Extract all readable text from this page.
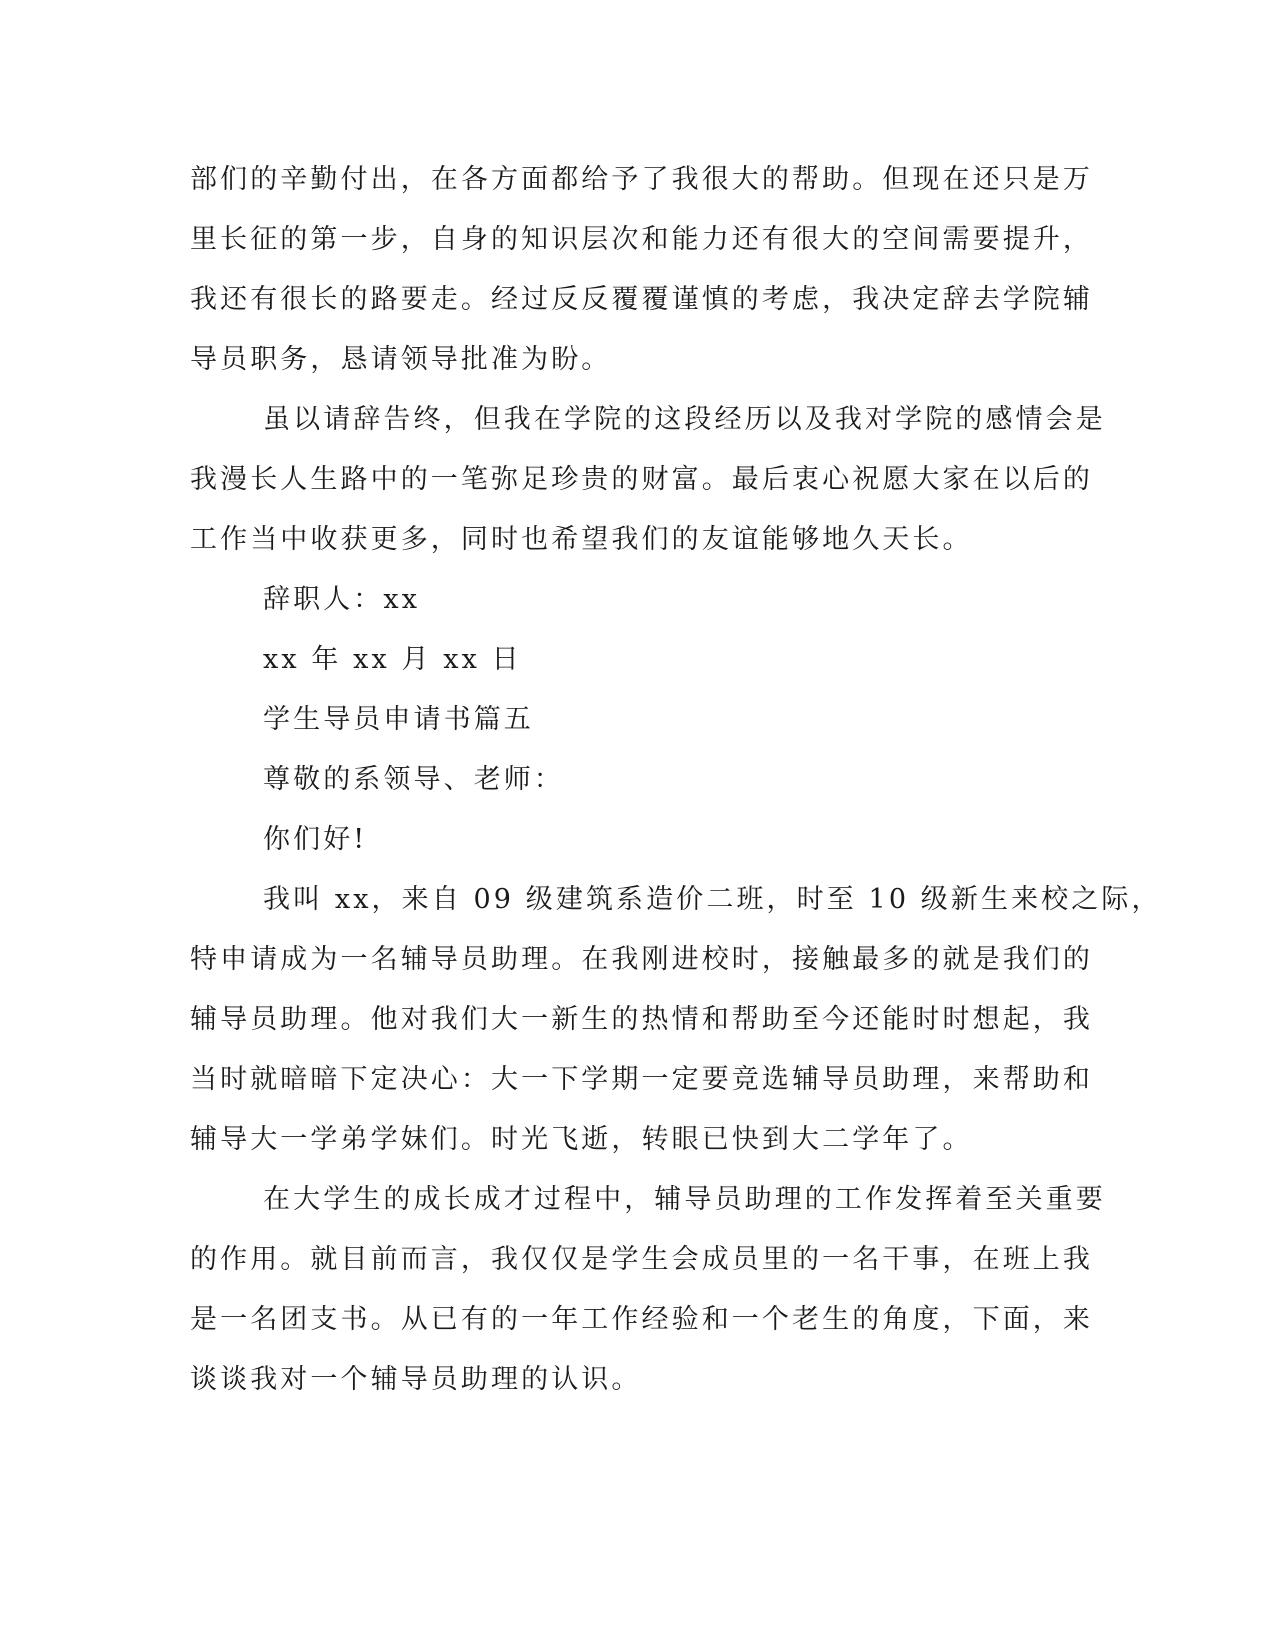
部们的辛勤付出，在各方面都给予了我很大的帮助。但现在还只是万
里长征的第一步，自身的知识层次和能力还有很大的空间需要提升，
我还有很长的路要走。经过反反覆覆谨慎的考虑，我决定辞去学院辅
导员职务，恳请领导批准为盼。
虽以请辞告终，但我在学院的这段经历以及我对学院的感情会是
我漫长人生路中的一笔弥足珍贵的财富。最后衷心祝愿大家在以后的
工作当中收获更多，同时也希望我们的友谊能够地久天长。
辞职人：xx
xx 年 xx 月 xx 日
学生导员申请书篇五
尊敬的系领导、老师：
你们好!
我叫 xx，来自 09 级建筑系造价二班，时至 10 级新生来校之际，
特申请成为一名辅导员助理。在我刚进校时，接触最多的就是我们的
辅导员助理。他对我们大一新生的热情和帮助至今还能时时想起，我
当时就暗暗下定决心：大一下学期一定要竞选辅导员助理，来帮助和
辅导大一学弟学妹们。时光飞逝，转眼已快到大二学年了。
在大学生的成长成才过程中，辅导员助理的工作发挥着至关重要
的作用。就目前而言，我仅仅是学生会成员里的一名干事，在班上我
是一名团支书。从已有的一年工作经验和一个老生的角度，下面，来
谈谈我对一个辅导员助理的认识。
